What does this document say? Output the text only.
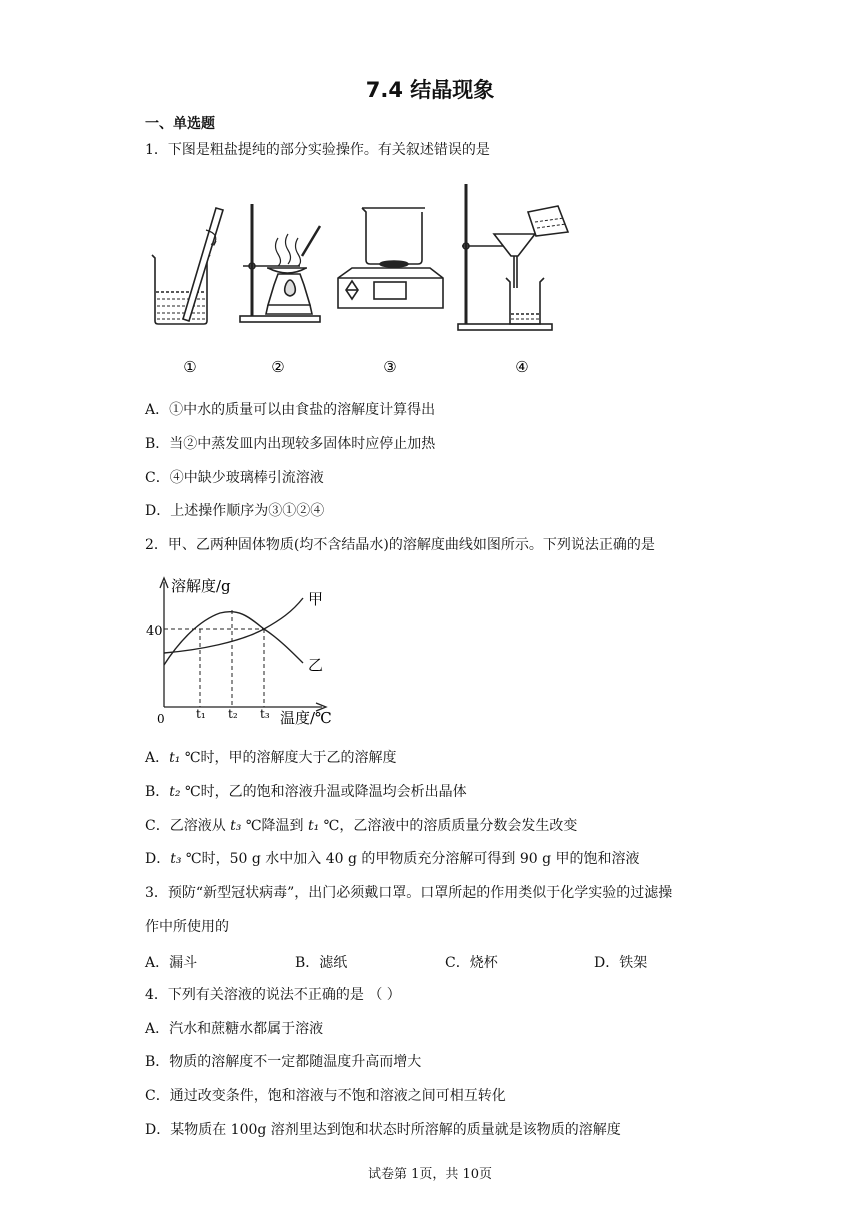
7.4 结晶现象
一、单选题
1．下图是粗盐提纯的部分实验操作。有关叙述错误的是
①	②	③	④
A．①中水的质量可以由食盐的溶解度计算得出
B．当②中蒸发皿内出现较多固体时应停止加热
C．④中缺少玻璃棒引流溶液
D．上述操作顺序为③①②④
2．甲、乙两种固体物质(均不含结晶水)的溶解度曲线如图所示。下列说法正确的是
溶解度/g
40
0	t₁ t₂ t₃ 温度/℃
甲
乙
A．t₁ ℃时，甲的溶解度大于乙的溶解度
B．t₂ ℃时，乙的饱和溶液升温或降温均会析出晶体
C．乙溶液从 t₃ ℃降温到 t₁ ℃，乙溶液中的溶质质量分数会发生改变
D．t₃ ℃时，50 g 水中加入 40 g 的甲物质充分溶解可得到 90 g 甲的饱和溶液
3．预防“新型冠状病毒”，出门必须戴口罩。口罩所起的作用类似于化学实验的过滤操
作中所使用的
A．漏斗	B．滤纸	C．烧杯	D．铁架
4．下列有关溶液的说法不正确的是 （ ）
A．汽水和蔗糖水都属于溶液
B．物质的溶解度不一定都随温度升高而增大
C．通过改变条件，饱和溶液与不饱和溶液之间可相互转化
D．某物质在 100g 溶剂里达到饱和状态时所溶解的质量就是该物质的溶解度
试卷第 1页，共 10页
